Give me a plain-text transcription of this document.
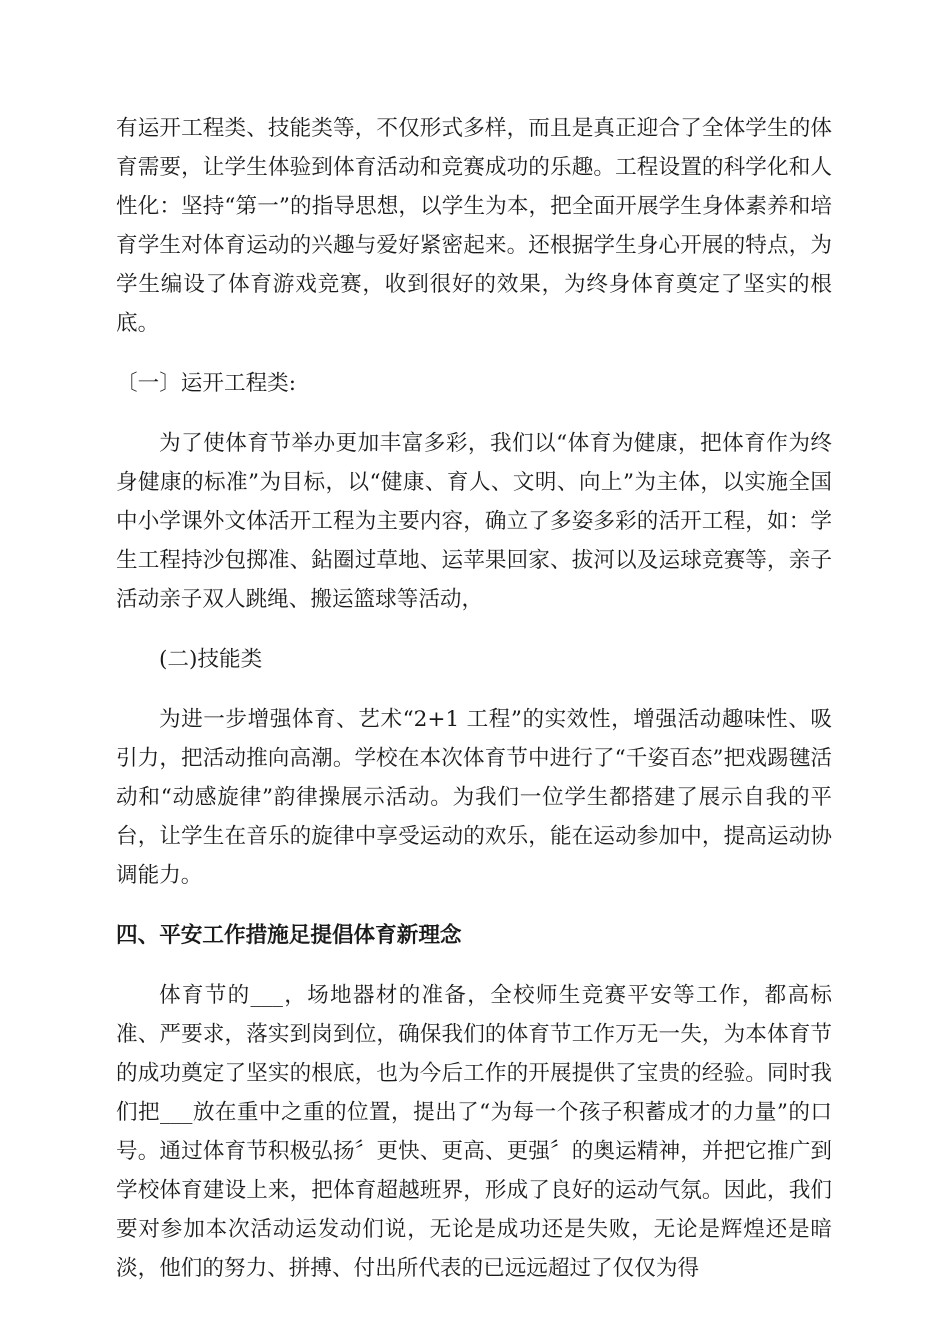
有运开工程类、技能类等，不仅形式多样，而且是真正迎合了全体学生的体育需要，让学生体验到体育活动和竞赛成功的乐趣。工程设置的科学化和人性化：坚持“第一”的指导思想，以学生为本，把全面开展学生身体素养和培育学生对体育运动的兴趣与爱好紧密起来。还根据学生身心开展的特点，为学生编设了体育游戏竞赛，收到很好的效果，为终身体育奠定了坚实的根底。

〔一〕运开工程类:

为了使体育节举办更加丰富多彩，我们以“体育为健康，把体育作为终身健康的标准”为目标，以“健康、育人、文明、向上”为主体，以实施全国中小学课外文体活开工程为主要内容，确立了多姿多彩的活开工程，如：学生工程持沙包掷准、鉆圈过草地、运苹果回家、拔河以及运球竞赛等，亲子活动亲子双人跳绳、搬运篮球等活动，

(二)技能类

为进一步增强体育、艺术“2+1 工程”的实效性，增强活动趣味性、吸引力，把活动推向高潮。学校在本次体育节中进行了“千姿百态”把戏踢毽活动和“动感旋律”韵律操展示活动。为我们一位学生都搭建了展示自我的平台，让学生在音乐的旋律中享受运动的欢乐，能在运动参加中，提高运动协调能力。

四、平安工作措施足提倡体育新理念

体育节的___，场地器材的准备，全校师生竞赛平安等工作，都高标准、严要求，落实到岗到位，确保我们的体育节工作万无一失，为本体育节的成功奠定了坚实的根底，也为今后工作的开展提供了宝贵的经验。同时我们把___放在重中之重的位置，提出了“为每一个孩子积蓄成才的力量”的口号。通过体育节积极弘扬〞更快、更高、更强〞的奥运精神，并把它推广到学校体育建设上来，把体育超越班界，形成了良好的运动气氛。因此，我们要对参加本次活动运发动们说，无论是成功还是失败，无论是辉煌还是暗淡，他们的努力、拼搏、付出所代表的已远远超过了仅仅为得
